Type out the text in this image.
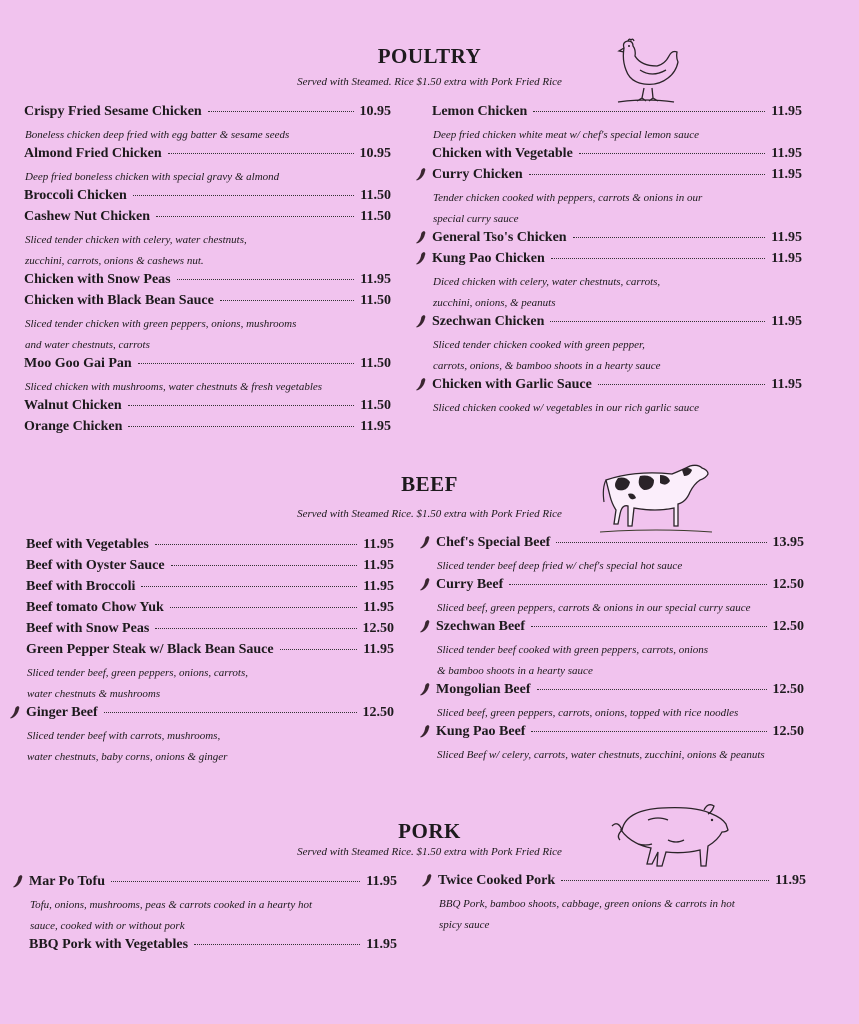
POULTRY
Served with Steamed. Rice $1.50 extra with Pork Fried Rice
Crispy Fried Sesame Chicken	10.95
Boneless chicken deep fried with egg batter & sesame seeds
Almond Fried Chicken	10.95
Deep fried boneless chicken with special gravy & almond
Broccoli Chicken	11.50
Cashew Nut Chicken	11.50
Sliced tender chicken with celery, water chestnuts,
zucchini, carrots, onions & cashews nut.
Chicken with Snow Peas	11.95
Chicken with Black Bean Sauce	11.50
Sliced tender chicken with green peppers, onions, mushrooms
and water chestnuts, carrots
Moo Goo Gai Pan	11.50
Sliced chicken with mushrooms, water chestnuts & fresh vegetables
Walnut Chicken	11.50
Orange Chicken	11.95
Lemon Chicken	11.95
Deep fried chicken white meat w/ chef's special lemon sauce
Chicken with Vegetable	11.95
Curry Chicken	11.95
Tender chicken cooked with peppers, carrots & onions in our
special curry sauce
General Tso's Chicken	11.95
Kung Pao Chicken	11.95
Diced chicken with celery, water chestnuts, carrots,
zucchini, onions, & peanuts
Szechwan Chicken	11.95
Sliced tender chicken cooked with green pepper,
carrots, onions, & bamboo shoots in a hearty sauce
Chicken with Garlic Sauce	11.95
Sliced chicken cooked w/ vegetables in our rich garlic sauce
BEEF
Served with Steamed Rice. $1.50 extra with Pork Fried Rice
Beef with Vegetables	11.95
Beef with Oyster Sauce	11.95
Beef with Broccoli	11.95
Beef tomato Chow Yuk	11.95
Beef with Snow Peas	12.50
Green Pepper Steak w/ Black Bean Sauce	11.95
Sliced tender beef, green peppers, onions, carrots,
water chestnuts & mushrooms
Ginger Beef	12.50
Sliced tender beef with carrots, mushrooms,
water chestnuts, baby corns, onions & ginger
Chef's Special Beef	13.95
Sliced tender beef deep fried w/ chef's special hot sauce
Curry Beef	12.50
Sliced beef, green peppers, carrots & onions in our special curry sauce
Szechwan Beef	12.50
Sliced tender beef cooked with green peppers, carrots, onions
& bamboo shoots in a hearty sauce
Mongolian Beef	12.50
Sliced beef, green peppers, carrots, onions, topped with rice noodles
Kung Pao Beef	12.50
Sliced Beef w/ celery, carrots, water chestnuts, zucchini, onions & peanuts
PORK
Served with Steamed Rice. $1.50 extra with Pork Fried Rice
Mar Po Tofu	11.95
Tofu, onions, mushrooms, peas & carrots cooked in a hearty hot
sauce, cooked with or without pork
BBQ Pork with Vegetables	11.95
Twice Cooked Pork	11.95
BBQ Pork, bamboo shoots, cabbage, green onions & carrots in hot
spicy sauce
